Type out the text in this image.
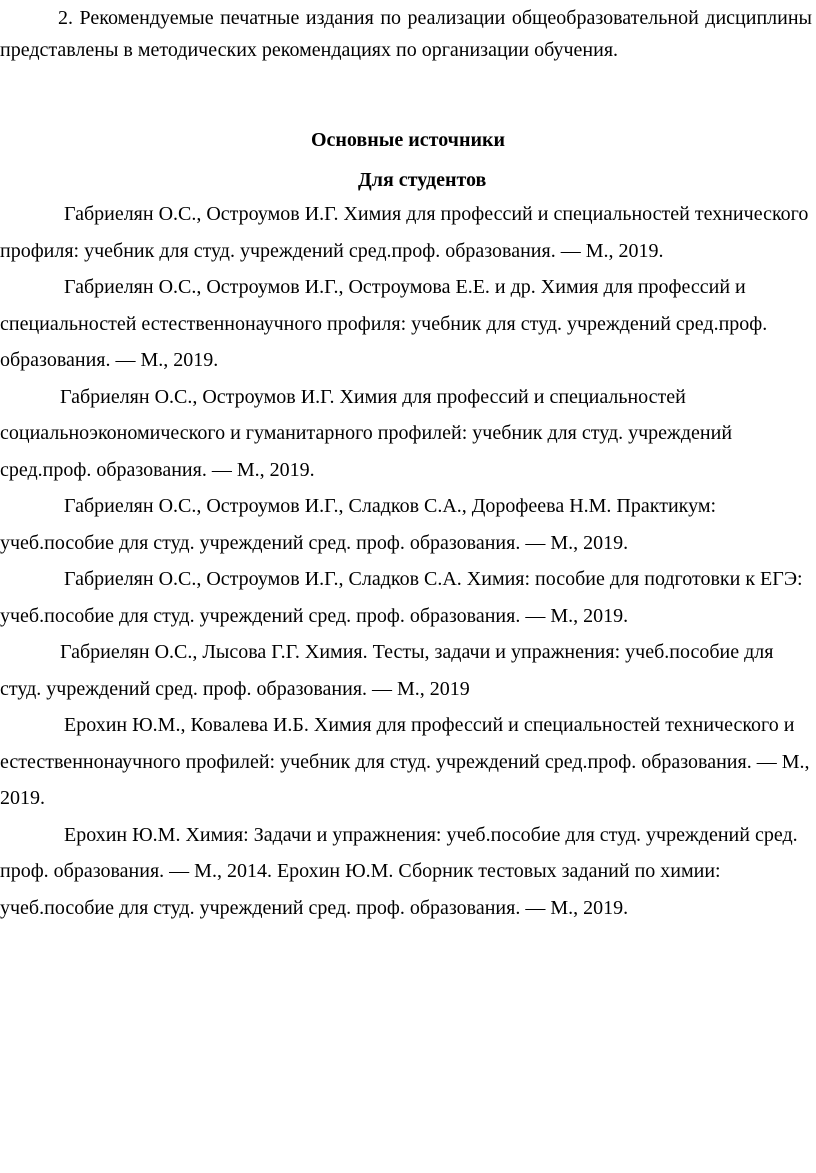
2. Рекомендуемые печатные издания по реализации общеобразовательной дисциплины представлены в методических рекомендациях по организации обучения.

Основные источники
Для студентов
Габриелян О.С., Остроумов И.Г. Химия для профессий и специальностей технического профиля: учебник для студ. учреждений сред.проф. образования. — М., 2019.
Габриелян О.С., Остроумов И.Г., Остроумова Е.Е. и др. Химия для профессий и специальностей естественнонаучного профиля: учебник для студ. учреждений сред.проф. образования. — М., 2019.
Габриелян О.С., Остроумов И.Г. Химия для профессий и специальностей социальноэкономического и гуманитарного профилей: учебник для студ. учреждений сред.проф. образования. — М., 2019.
Габриелян О.С., Остроумов И.Г., Сладков С.А., Дорофеева Н.М. Практикум: учеб.пособие для студ. учреждений сред. проф. образования. — М., 2019.
Габриелян О.С., Остроумов И.Г., Сладков С.А. Химия: пособие для подготовки к ЕГЭ: учеб.пособие для студ. учреждений сред. проф. образования. — М., 2019.
Габриелян О.С., Лысова Г.Г. Химия. Тесты, задачи и упражнения: учеб.пособие для студ. учреждений сред. проф. образования. — М., 2019
Ерохин Ю.М., Ковалева И.Б. Химия для профессий и специальностей технического и естественнонаучного профилей: учебник для студ. учреждений сред.проф. образования. — М., 2019.
Ерохин Ю.М. Химия: Задачи и упражнения: учеб.пособие для студ. учреждений сред. проф. образования. — М., 2014. Ерохин Ю.М. Сборник тестовых заданий по химии: учеб.пособие для студ. учреждений сред. проф. образования. — М., 2019.
